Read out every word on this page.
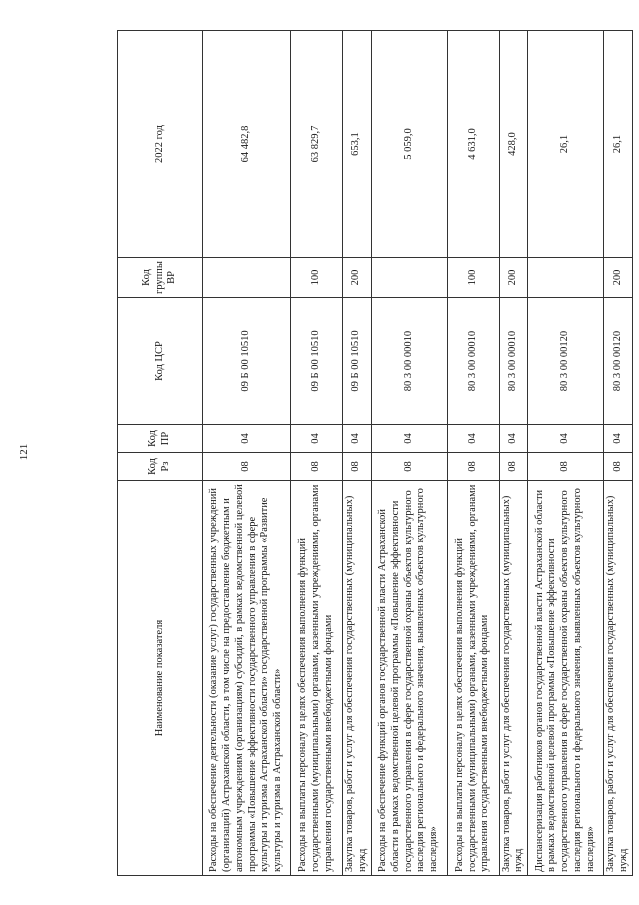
121
Наименование показателя	Код Рз	Код ПР	Код ЦСР	Код группы ВР	2022 год
Расходы на обеспечение деятельности (оказание услуг) государственных учреждений (организаций) Астраханской области, в том числе на предоставление бюджетным и автономным учреждениям (организациям) субсидий, в рамках ведомственной целевой программы «Повышение эффективности государственного управления в сфере культуры и туризма Астраханской области» государственной программы «Развитие культуры и туризма в Астраханской области»	08	04	09 Б 00 10510		64 482,8
Расходы на выплаты персоналу в целях обеспечения выполнения функций государственными (муниципальными) органами, казенными учреждениями, органами управления государственными внебюджетными фондами	08	04	09 Б 00 10510	100	63 829,7
Закупка товаров, работ и услуг для обеспечения государственных (муниципальных) нужд	08	04	09 Б 00 10510	200	653,1
Расходы на обеспечение функций органов государственной власти Астраханской области в рамках ведомственной целевой программы «Повышение эффективности государственного управления в сфере государственной охраны объектов культурного наследия регионального и федерального значения, выявленных объектов культурного наследия»	08	04	80 3 00 00010		5 059,0
Расходы на выплаты персоналу в целях обеспечения выполнения функций государственными (муниципальными) органами, казенными учреждениями, органами управления государственными внебюджетными фондами	08	04	80 3 00 00010	100	4 631,0
Закупка товаров, работ и услуг для обеспечения государственных (муниципальных) нужд	08	04	80 3 00 00010	200	428,0
Диспансеризация работников органов государственной власти Астраханской области в рамках ведомственной целевой программы «Повышение эффективности государственного управления в сфере государственной охраны объектов культурного наследия регионального и федерального значения, выявленных объектов культурного наследия»	08	04	80 3 00 00120		26,1
Закупка товаров, работ и услуг для обеспечения государственных (муниципальных) нужд	08	04	80 3 00 00120	200	26,1
